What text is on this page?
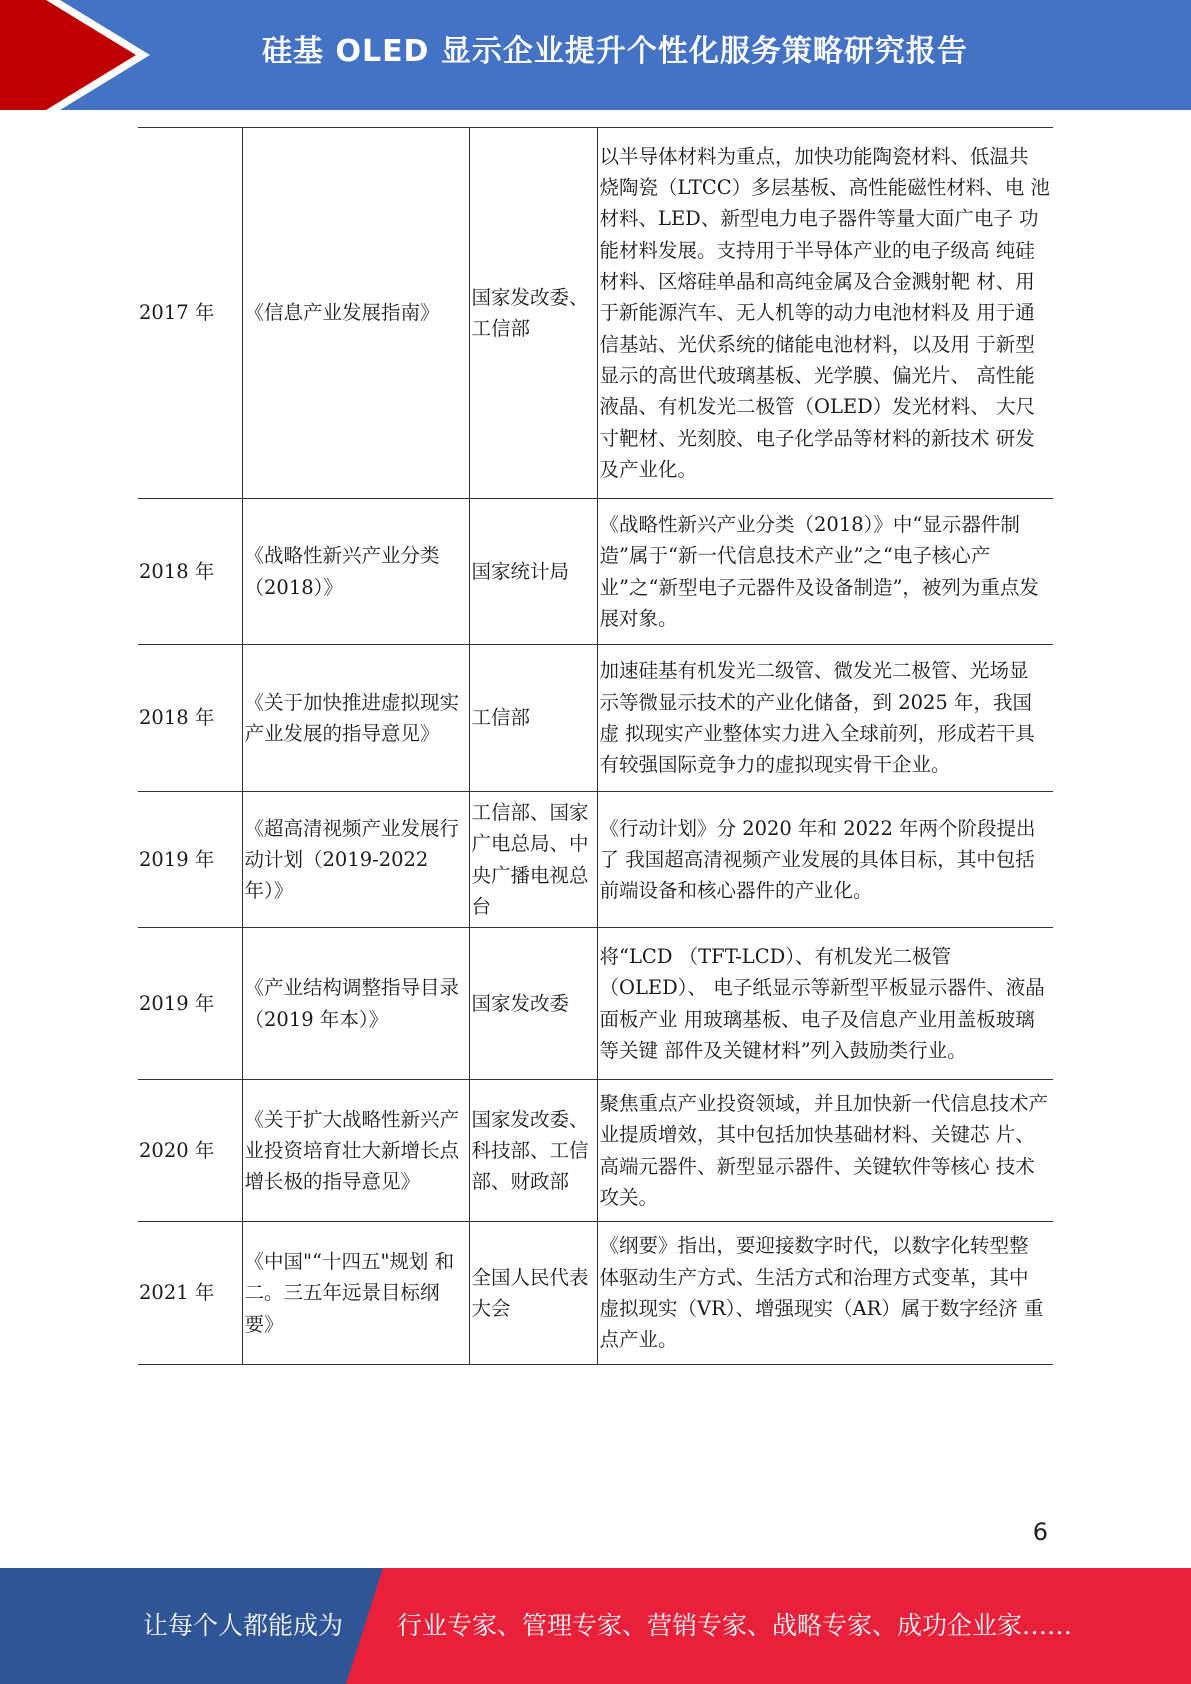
硅基 OLED 显示企业提升个性化服务策略研究报告
2017 年	《信息产业发展指南》	国家发改委、工信部	以半导体材料为重点，加快功能陶瓷材料、低温共 烧陶瓷（LTCC）多层基板、高性能磁性材料、电 池材料、LED、新型电力电子器件等量大面广电子 功能材料发展。支持用于半导体产业的电子级高 纯硅材料、区熔硅单晶和高纯金属及合金溅射靶 材、用于新能源汽车、无人机等的动力电池材料及 用于通信基站、光伏系统的储能电池材料，以及用 于新型显示的高世代玻璃基板、光学膜、偏光片、 高性能液晶、有机发光二极管（OLED）发光材料、 大尺寸靶材、光刻胶、电子化学品等材料的新技术 研发及产业化。
2018 年	《战略性新兴产业分类（2018）》	国家统计局	《战略性新兴产业分类（2018）》中“显示器件制造”属于“新一代信息技术产业”之“电子核心产业”之“新型电子元器件及设备制造”，被列为重点发展对象。
2018 年	《关于加快推进虚拟现实产业发展的指导意见》	工信部	加速硅基有机发光二级管、微发光二极管、光场显 示等微显示技术的产业化储备，到 2025 年，我国虚 拟现实产业整体实力进入全球前列，形成若干具 有较强国际竞争力的虚拟现实骨干企业。
2019 年	《超高清视频产业发展行动计划（2019-2022年）》	工信部、国家广电总局、中央广播电视总台	《行动计划》分 2020 年和 2022 年两个阶段提出了 我国超高清视频产业发展的具体目标，其中包括 前端设备和核心器件的产业化。
2019 年	《产业结构调整指导目录（2019 年本）》	国家发改委	将“LCD （TFT-LCD）、有机发光二极管（OLED）、 电子纸显示等新型平板显示器件、液晶面板产业 用玻璃基板、电子及信息产业用盖板玻璃等关键 部件及关键材料”列入鼓励类行业。
2020 年	《关于扩大战略性新兴产业投资培育壮大新增长点增长极的指导意见》	国家发改委、科技部、工信部、财政部	聚焦重点产业投资领域，并且加快新一代信息技术产业提质增效，其中包括加快基础材料、关键芯 片、高端元器件、新型显示器件、关键软件等核心 技术攻关。
2021 年	《中国"“十四五"规划 和二。三五年远景目标纲要》	全国人民代表大会	《纲要》指出，要迎接数字时代，以数字化转型整 体驱动生产方式、生活方式和治理方式变革，其中 虚拟现实（VR）、增强现实（AR）属于数字经济 重点产业。
6
让每个人都能成为 行业专家、管理专家、营销专家、战略专家、成功企业家……
